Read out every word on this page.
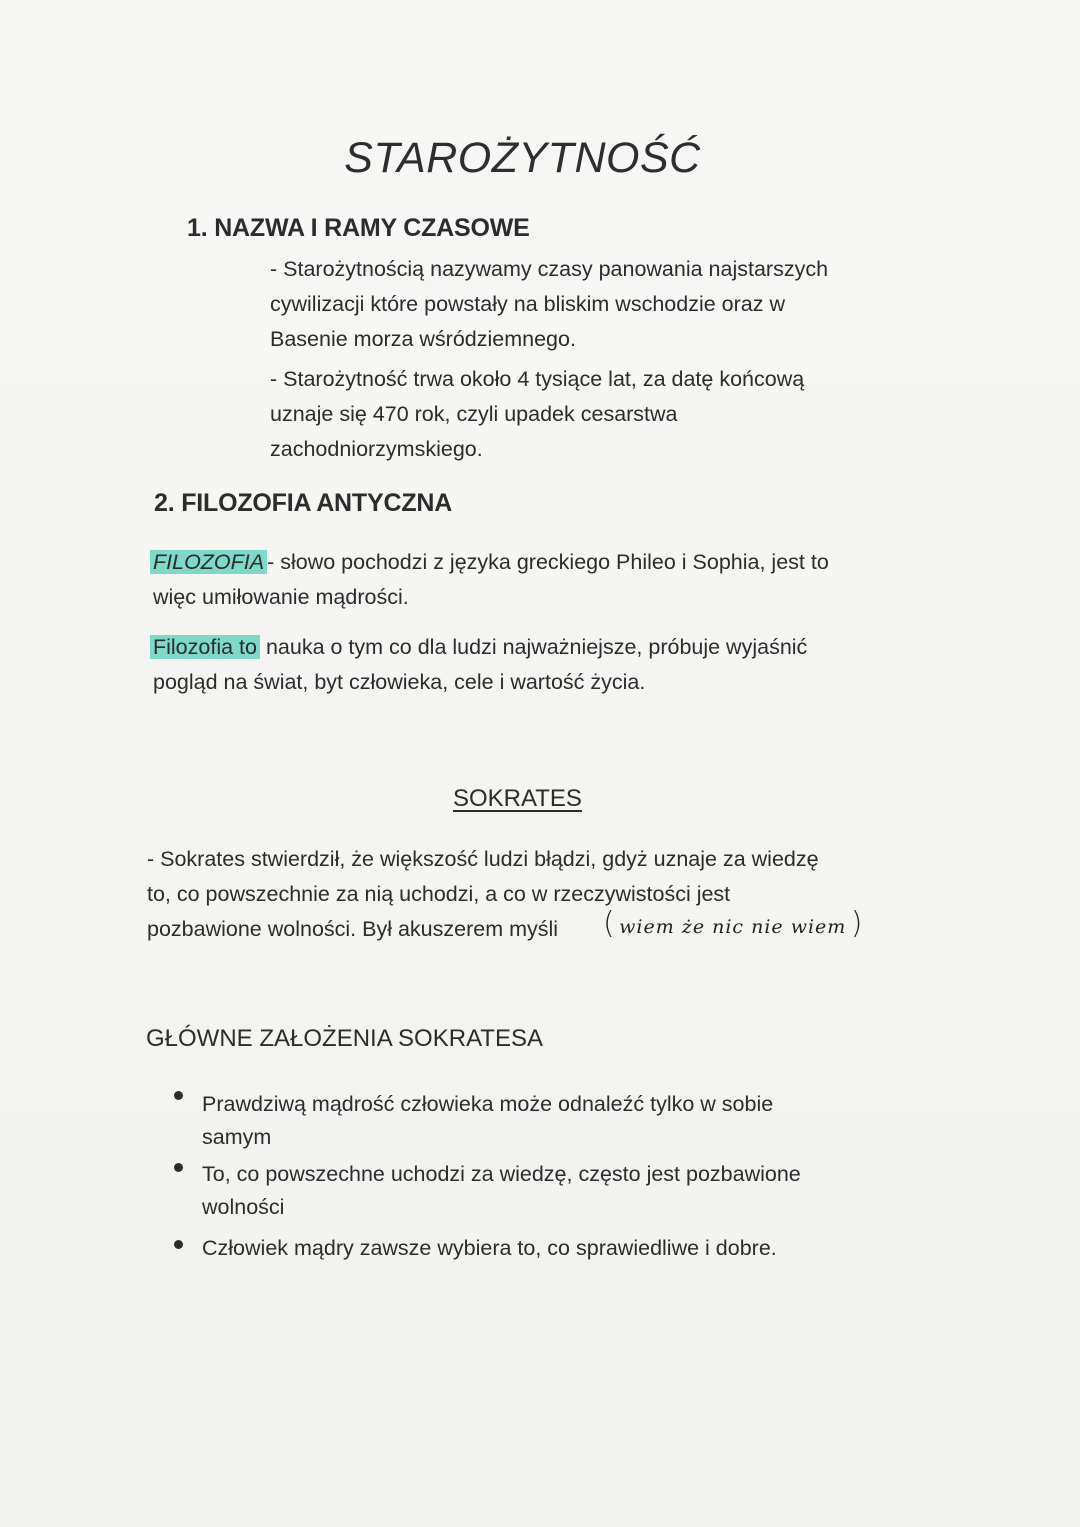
STAROŻYTNOŚĆ
1. NAZWA I RAMY CZASOWE
- Starożytnością nazywamy czasy panowania najstarszych
cywilizacji które powstały na bliskim wschodzie oraz w
Basenie morza wśródziemnego.
- Starożytność trwa około 4 tysiące lat, za datę końcową
uznaje się 470 rok, czyli upadek cesarstwa
zachodniorzymskiego.
2. FILOZOFIA ANTYCZNA
FILOZOFIA - słowo pochodzi z języka greckiego Phileo i Sophia, jest to
więc umiłowanie mądrości.
Filozofia to nauka o tym co dla ludzi najważniejsze, próbuje wyjaśnić
pogląd na świat, byt człowieka, cele i wartość życia.
SOKRATES
- Sokrates stwierdził, że większość ludzi błądzi, gdyż uznaje za wiedzę
to, co powszechnie za nią uchodzi, a co w rzeczywistości jest
pozbawione wolności. Był akuszerem myśli	( wiem że nic nie wiem )
GŁÓWNE ZAŁOŻENIA SOKRATESA
Prawdziwą mądrość człowieka może odnaleźć tylko w sobie
samym
To, co powszechne uchodzi za wiedzę, często jest pozbawione
wolności
Człowiek mądry zawsze wybiera to, co sprawiedliwe i dobre.
